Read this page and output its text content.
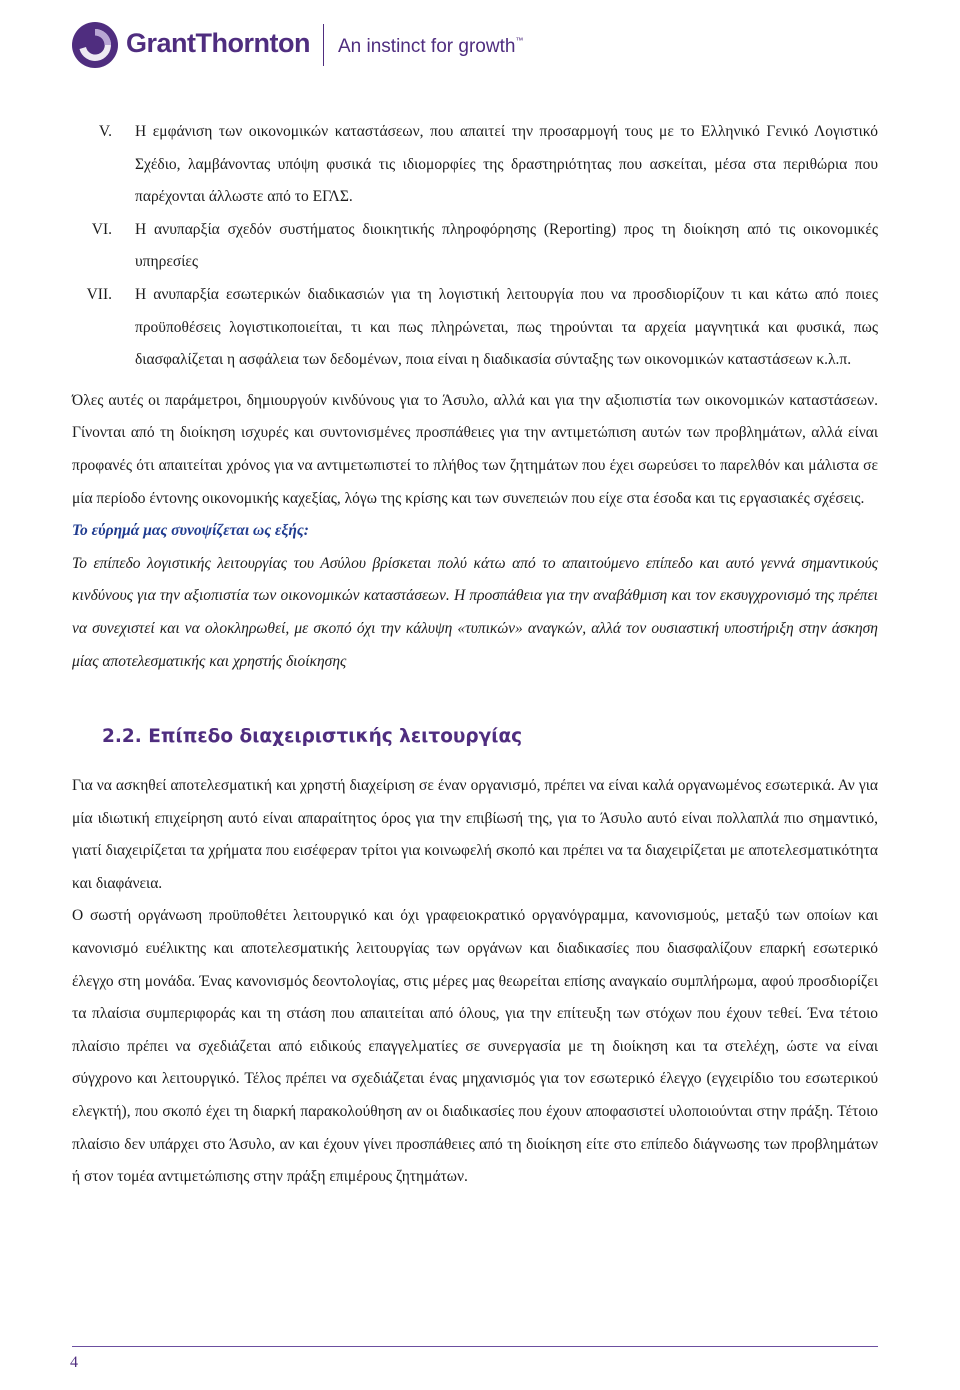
GrantThornton An instinct for growth™
V. Η εμφάνιση των οικονομικών καταστάσεων, που απαιτεί την προσαρμογή τους με το Ελληνικό Γενικό Λογιστικό Σχέδιο, λαμβάνοντας υπόψη φυσικά τις ιδιομορφίες της δραστηριότητας που ασκείται, μέσα στα περιθώρια που παρέχονται άλλωστε από το ΕΓΛΣ.
VI. Η ανυπαρξία σχεδόν συστήματος διοικητικής πληροφόρησης (Reporting) προς τη διοίκηση από τις οικονομικές υπηρεσίες
VII. Η ανυπαρξία εσωτερικών διαδικασιών για τη λογιστική λειτουργία που να προσδιορίζουν τι και κάτω από ποιες προϋποθέσεις λογιστικοποιείται, τι και πως πληρώνεται, πως τηρούνται τα αρχεία μαγνητικά και φυσικά, πως διασφαλίζεται η ασφάλεια των δεδομένων, ποια είναι η διαδικασία σύνταξης των οικονομικών καταστάσεων κ.λ.π.

Όλες αυτές οι παράμετροι, δημιουργούν κινδύνους για το Άσυλο, αλλά και για την αξιοπιστία των οικονομικών καταστάσεων. Γίνονται από τη διοίκηση ισχυρές και συντονισμένες προσπάθειες για την αντιμετώπιση αυτών των προβλημάτων, αλλά είναι προφανές ότι απαιτείται χρόνος για να αντιμετωπιστεί το πλήθος των ζητημάτων που έχει σωρεύσει το παρελθόν και μάλιστα σε μία περίοδο έντονης οικονομικής καχεξίας, λόγω της κρίσης και των συνεπειών που είχε στα έσοδα και τις εργασιακές σχέσεις.

Το εύρημά μας συνοψίζεται ως εξής:

Το επίπεδο λογιστικής λειτουργίας του Ασύλου βρίσκεται πολύ κάτω από το απαιτούμενο επίπεδο και αυτό γεννά σημαντικούς κινδύνους για την αξιοπιστία των οικονομικών καταστάσεων. Η προσπάθεια για την αναβάθμιση και τον εκσυγχρονισμό της πρέπει να συνεχιστεί και να ολοκληρωθεί, με σκοπό όχι την κάλυψη «τυπικών» αναγκών, αλλά τον ουσιαστική υποστήριξη στην άσκηση μίας αποτελεσματικής και χρηστής διοίκησης

2.2. Επίπεδο διαχειριστικής λειτουργίας

Για να ασκηθεί αποτελεσματική και χρηστή διαχείριση σε έναν οργανισμό, πρέπει να είναι καλά οργανωμένος εσωτερικά. Αν για μία ιδιωτική επιχείρηση αυτό είναι απαραίτητος όρος για την επιβίωσή της, για το Άσυλο αυτό είναι πολλαπλά πιο σημαντικό, γιατί διαχειρίζεται τα χρήματα που εισέφεραν τρίτοι για κοινωφελή σκοπό και πρέπει να τα διαχειρίζεται με αποτελεσματικότητα και διαφάνεια.

Ο σωστή οργάνωση προϋποθέτει λειτουργικό και όχι γραφειοκρατικό οργανόγραμμα, κανονισμούς, μεταξύ των οποίων και κανονισμό ευέλικτης και αποτελεσματικής λειτουργίας των οργάνων και διαδικασίες που διασφαλίζουν επαρκή εσωτερικό έλεγχο στη μονάδα. Ένας κανονισμός δεοντολογίας, στις μέρες μας θεωρείται επίσης αναγκαίο συμπλήρωμα, αφού προσδιορίζει τα πλαίσια συμπεριφοράς και τη στάση που απαιτείται από όλους, για την επίτευξη των στόχων που έχουν τεθεί. Ένα τέτοιο πλαίσιο πρέπει να σχεδιάζεται από ειδικούς επαγγελματίες σε συνεργασία με τη διοίκηση και τα στελέχη, ώστε να είναι σύγχρονο και λειτουργικό. Τέλος πρέπει να σχεδιάζεται ένας μηχανισμός για τον εσωτερικό έλεγχο (εγχειρίδιο του εσωτερικού ελεγκτή), που σκοπό έχει τη διαρκή παρακολούθηση αν οι διαδικασίες που έχουν αποφασιστεί υλοποιούνται στην πράξη. Τέτοιο πλαίσιο δεν υπάρχει στο Άσυλο, αν και έχουν γίνει προσπάθειες από τη διοίκηση είτε στο επίπεδο διάγνωσης των προβλημάτων ή στον τομέα αντιμετώπισης στην πράξη επιμέρους ζητημάτων.

4
